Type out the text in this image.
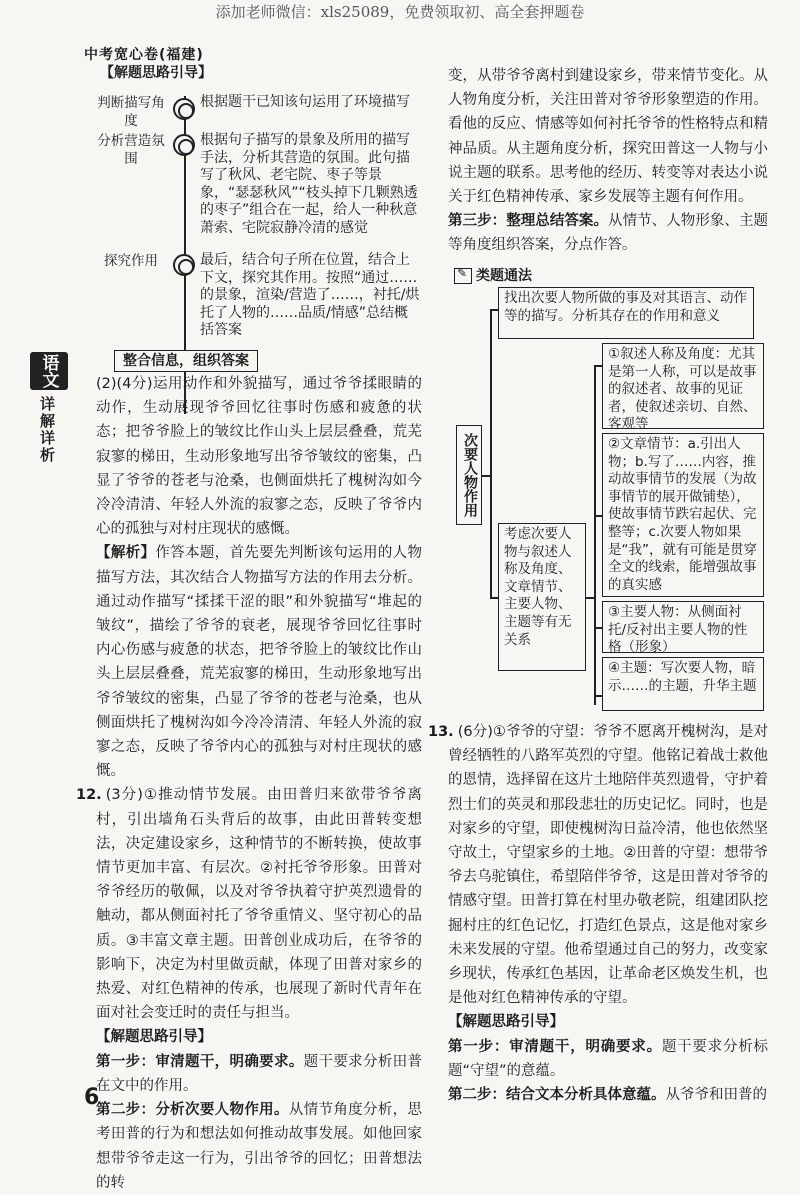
添加老师微信：xls25089，免费领取初、高全套押题卷
中考宽心卷(福建)
语文
详解详析
6
【解题思路引导】
判断描写角度
根据题干已知该句运用了环境描写
分析营造氛围
根据句子描写的景象及所用的描写手法，分析其营造的氛围。此句描写了秋风、老宅院、枣子等景象，“瑟瑟秋风”“枝头掉下几颗熟透的枣子”组合在一起，给人一种秋意萧索、宅院寂静冷清的感觉
探究作用	最后，结合句子所在位置，结合上下文，探究其作用。按照“通过……的景象，渲染/营造了……，衬托/烘托了人物的……品质/情感”总结概括答案
整合信息，组织答案

(2)(4分)运用动作和外貌描写，通过爷爷揉眼睛的动作，生动展现爷爷回忆往事时伤感和疲惫的状态；把爷爷脸上的皱纹比作山头上层层叠叠，荒芜寂寥的梯田，生动形象地写出爷爷皱纹的密集，凸显了爷爷的苍老与沧桑，也侧面烘托了槐树沟如今冷冷清清、年轻人外流的寂寥之态，反映了爷爷内心的孤独与对村庄现状的感慨。

【解析】作答本题，首先要先判断该句运用的人物描写方法，其次结合人物描写方法的作用去分析。通过动作描写“揉揉干涩的眼”和外貌描写“堆起的皱纹”，描绘了爷爷的衰老，展现爷爷回忆往事时内心伤感与疲惫的状态，把爷爷脸上的皱纹比作山头上层层叠叠，荒芜寂寥的梯田，生动形象地写出爷爷皱纹的密集，凸显了爷爷的苍老与沧桑，也从侧面烘托了槐树沟如今冷冷清清、年轻人外流的寂寥之态，反映了爷爷内心的孤独与对村庄现状的感慨。

12. (3分)①推动情节发展。由田普归来欲带爷爷离村，引出墙角石头背后的故事，由此田普转变想法，决定建设家乡，这种情节的不断转换，使故事情节更加丰富、有层次。②衬托爷爷形象。田普对爷爷经历的敬佩，以及对爷爷执着守护英烈遗骨的触动，都从侧面衬托了爷爷重情义、坚守初心的品质。③丰富文章主题。田普创业成功后，在爷爷的影响下，决定为村里做贡献，体现了田普对家乡的热爱、对红色精神的传承，也展现了新时代青年在面对社会变迁时的责任与担当。

【解题思路引导】

第一步：审清题干，明确要求。题干要求分析田普在文中的作用。

第二步：分析次要人物作用。从情节角度分析，思考田普的行为和想法如何推动故事发展。如他回家想带爷爷走这一行为，引出爷爷的回忆；田普想法的转

变，从带爷爷离村到建设家乡，带来情节变化。从人物角度分析，关注田普对爷爷形象塑造的作用。看他的反应、情感等如何衬托爷爷的性格特点和精神品质。从主题角度分析，探究田普这一人物与小说主题的联系。思考他的经历、转变等对表达小说关于红色精神传承、家乡发展等主题有何作用。

第三步：整理总结答案。从情节、人物形象、主题等角度组织答案，分点作答。

✎类题通法
次要人物作用
找出次要人物所做的事及对其语言、动作等的描写。分析其存在的作用和意义
考虑次要人物与叙述人称及角度、文章情节、主要人物、主题等有无关系
①叙述人称及角度：尤其是第一人称，可以是故事的叙述者、故事的见证者，使叙述亲切、自然、客观等
②文章情节：a.引出人物；b.写了……内容，推动故事情节的发展（为故事情节的展开做铺垫），使故事情节跌宕起伏、完整等；c.次要人物如果是“我”，就有可能是贯穿全文的线索，能增强故事的真实感
③主要人物：从侧面衬托/反衬出主要人物的性格（形象）
④主题：写次要人物，暗示……的主题，升华主题

13. (6分)①爷爷的守望：爷爷不愿离开槐树沟，是对曾经牺牲的八路军英烈的守望。他铭记着战士救他的恩情，选择留在这片土地陪伴英烈遗骨，守护着烈士们的英灵和那段悲壮的历史记忆。同时，也是对家乡的守望，即使槐树沟日益冷清，他也依然坚守故土，守望家乡的土地。②田普的守望：想带爷爷去乌驼镇住，希望陪伴爷爷，这是田普对爷爷的情感守望。田普打算在村里办敬老院，组建团队挖掘村庄的红色记忆，打造红色景点，这是他对家乡未来发展的守望。他希望通过自己的努力，改变家乡现状，传承红色基因，让革命老区焕发生机，也是他对红色精神传承的守望。

【解题思路引导】

第一步：审清题干，明确要求。题干要求分析标题“守望”的意蕴。

第二步：结合文本分析具体意蕴。从爷爷和田普的
